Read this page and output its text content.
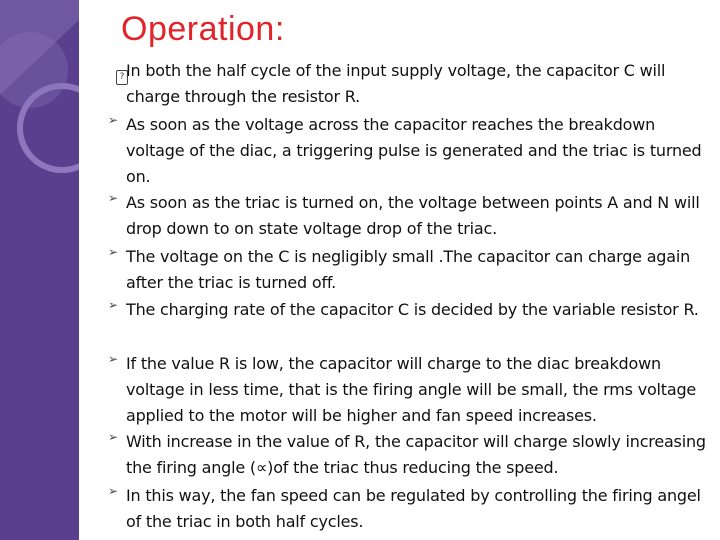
Operation:
? In both the half cycle of the input supply voltage, the capacitor C will charge through the resistor R.

➢ As soon as the voltage across the capacitor reaches the breakdown voltage of the diac, a triggering pulse is generated and the triac is turned on.

➢ As soon as the triac is turned on, the voltage between points A and N will drop down to on state voltage drop of the triac.

➢ The voltage on the C is negligibly small .The capacitor can charge again after the triac is turned off.

➢ The charging rate of the capacitor C is decided by the variable resistor R.

➢ If the value R is low, the capacitor will charge to the diac breakdown voltage in less time, that is the firing angle will be small, the rms voltage applied to the motor will be higher and fan speed increases.

➢ With increase in the value of R, the capacitor will charge slowly increasing the firing angle (∝)of the triac thus reducing the speed.

➢ In this way, the fan speed can be regulated by controlling the firing angel of the triac in both half cycles.
